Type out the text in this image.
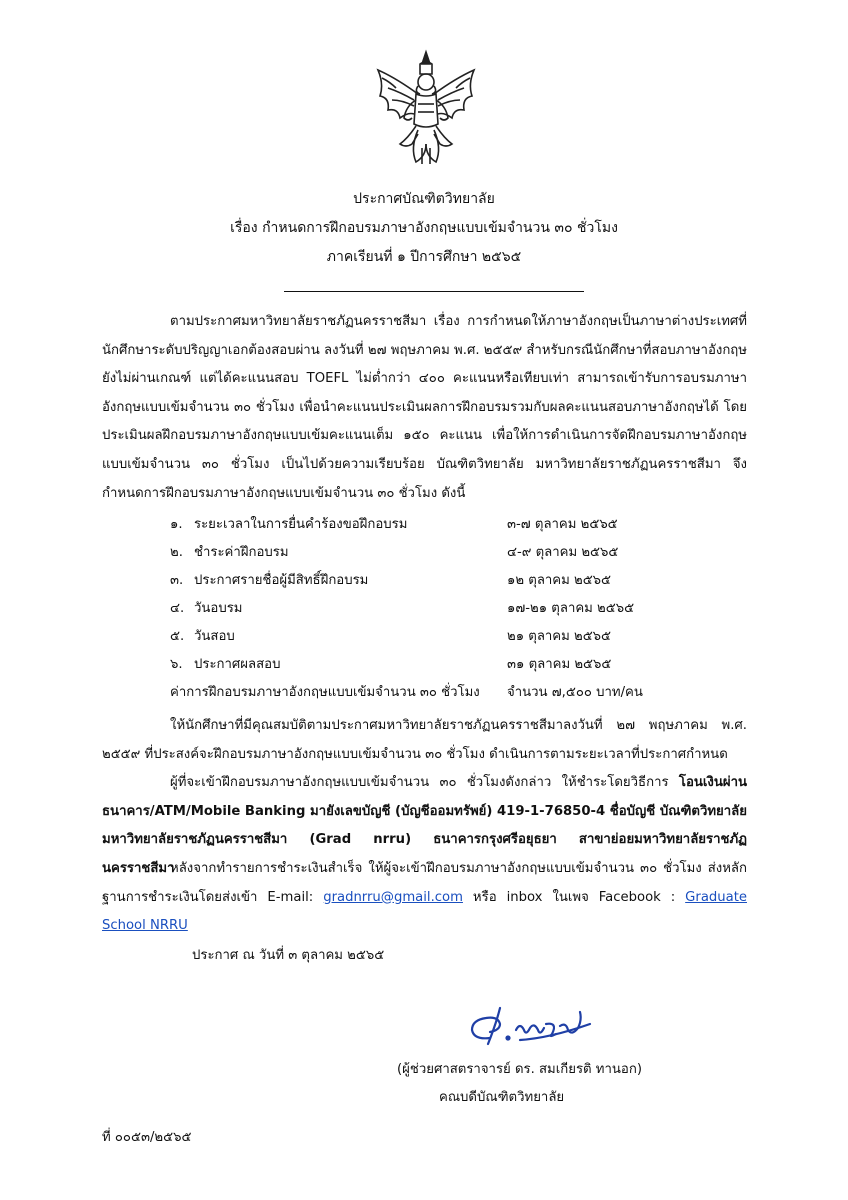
ประกาศบัณฑิตวิทยาลัย
เรื่อง กำหนดการฝึกอบรมภาษาอังกฤษแบบเข้มจำนวน ๓๐ ชั่วโมง
ภาคเรียนที่ ๑ ปีการศึกษา ๒๕๖๕
ตามประกาศมหาวิทยาลัยราชภัฏนครราชสีมา เรื่อง การกำหนดให้ภาษาอังกฤษเป็นภาษาต่างประเทศที่นักศึกษาระดับปริญญาเอกต้องสอบผ่าน ลงวันที่ ๒๗ พฤษภาคม พ.ศ. ๒๕๕๙ สำหรับกรณีนักศึกษาที่สอบภาษาอังกฤษยังไม่ผ่านเกณฑ์ แต่ได้คะแนนสอบ TOEFL ไม่ต่ำกว่า ๔๐๐ คะแนนหรือเทียบเท่า สามารถเข้ารับการอบรมภาษาอังกฤษแบบเข้มจำนวน ๓๐ ชั่วโมง เพื่อนำคะแนนประเมินผลการฝึกอบรมรวมกับผลคะแนนสอบภาษาอังกฤษได้ โดยประเมินผลฝึกอบรมภาษาอังกฤษแบบเข้มคะแนนเต็ม ๑๕๐ คะแนน เพื่อให้การดำเนินการจัดฝึกอบรมภาษาอังกฤษแบบเข้มจำนวน ๓๐ ชั่วโมง เป็นไปด้วยความเรียบร้อย บัณฑิตวิทยาลัย มหาวิทยาลัยราชภัฏนครราชสีมา จึงกำหนดการฝึกอบรมภาษาอังกฤษแบบเข้มจำนวน ๓๐ ชั่วโมง ดังนี้
๑. ระยะเวลาในการยื่นคำร้องขอฝึกอบรม	๓-๗ ตุลาคม ๒๕๖๕
๒. ชำระค่าฝึกอบรม	๔-๙ ตุลาคม ๒๕๖๕
๓. ประกาศรายชื่อผู้มีสิทธิ์ฝึกอบรม	๑๒ ตุลาคม ๒๕๖๕
๔. วันอบรม	๑๗-๒๑ ตุลาคม ๒๕๖๕
๕. วันสอบ	๒๑ ตุลาคม ๒๕๖๕
๖. ประกาศผลสอบ	๓๑ ตุลาคม ๒๕๖๕
ค่าการฝึกอบรมภาษาอังกฤษแบบเข้มจำนวน ๓๐ ชั่วโมง จำนวน ๗,๕๐๐ บาท/คน
ให้นักศึกษาที่มีคุณสมบัติตามประกาศมหาวิทยาลัยราชภัฏนครราชสีมาลงวันที่ ๒๗ พฤษภาคม พ.ศ. ๒๕๕๙ ที่ประสงค์จะฝึกอบรมภาษาอังกฤษแบบเข้มจำนวน ๓๐ ชั่วโมง ดำเนินการตามระยะเวลาที่ประกาศกำหนด
ผู้ที่จะเข้าฝึกอบรมภาษาอังกฤษแบบเข้มจำนวน ๓๐ ชั่วโมงดังกล่าว ให้ชำระโดยวิธีการ โอนเงินผ่านธนาคาร/ATM/Mobile Banking มายังเลขบัญชี (บัญชีออมทรัพย์) 419-1-76850-4 ชื่อบัญชี บัณฑิตวิทยาลัย มหาวิทยาลัยราชภัฏนครราชสีมา (Grad nrru) ธนาคารกรุงศรีอยุธยา สาขาย่อยมหาวิทยาลัยราชภัฏนครราชสีมา
หลังจากทำรายการชำระเงินสำเร็จ ให้ผู้จะเข้าฝึกอบรมภาษาอังกฤษแบบเข้มจำนวน ๓๐ ชั่วโมง ส่งหลักฐานการชำระเงินโดยส่งเข้า E-mail: gradnrru@gmail.com หรือ inbox ในเพจ Facebook : Graduate School NRRU
ประกาศ ณ วันที่ ๓ ตุลาคม ๒๕๖๕
(ผู้ช่วยศาสตราจารย์ ดร. สมเกียรติ ทานอก)
คณบดีบัณฑิตวิทยาลัย
ที่ ๐๐๕๓/๒๕๖๕
